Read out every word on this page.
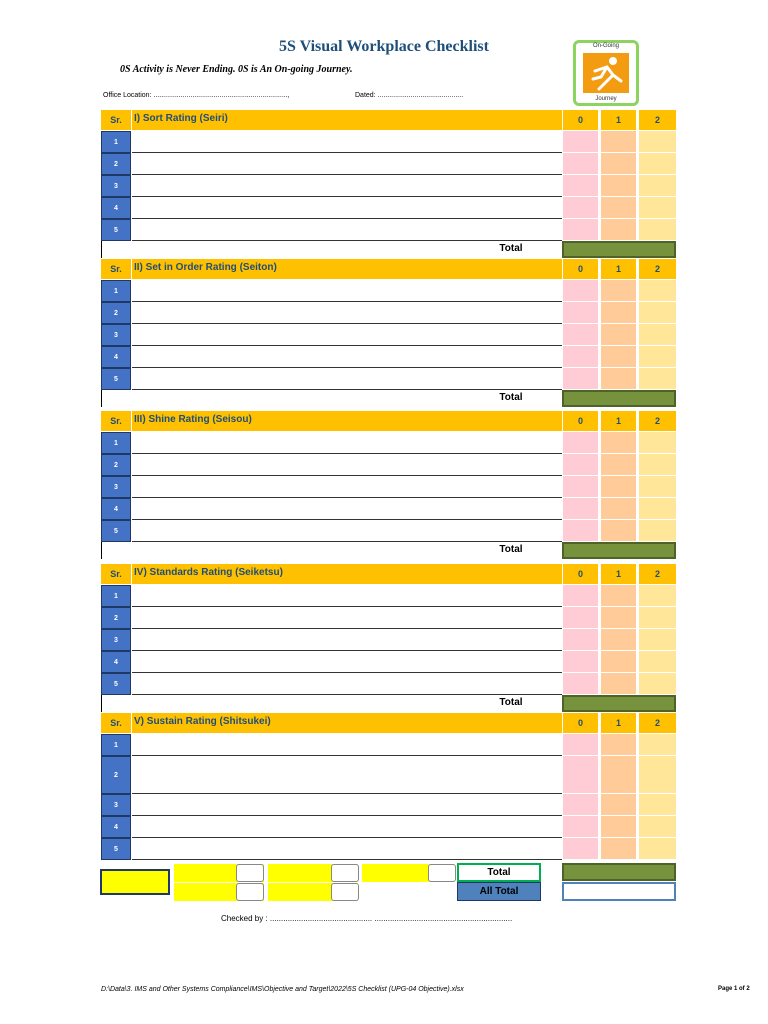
5S Visual Workplace Checklist
0S Activity is Never Ending. 0S is An On-going Journey.
On-Going
Journey
Office Location: .....................................................................,	Dated: ............................................
Sr.	I) Sort Rating (Seiri)	0	1	2
1
2
3
4
5
Total
Sr.	II) Set in Order Rating (Seiton)	0	1	2
1
2
3
4
5
Total
Sr.	III) Shine Rating (Seisou)	0	1	2
1
2
3
4
5
Total
Sr.	IV) Standards Rating (Seiketsu)	0	1	2
1
2
3
4
5
Total
Sr.	V) Sustain Rating (Shitsukei)	0	1	2
1
2
3
4
5
Total
All Total
Checked by : .............................................. ..............................................................
D:\Data\3. IMS and Other Systems Compliance\IMS\Objective and Target\2022\5S Checklist (UPG-04 Objective).xlsx	Page 1 of 2
